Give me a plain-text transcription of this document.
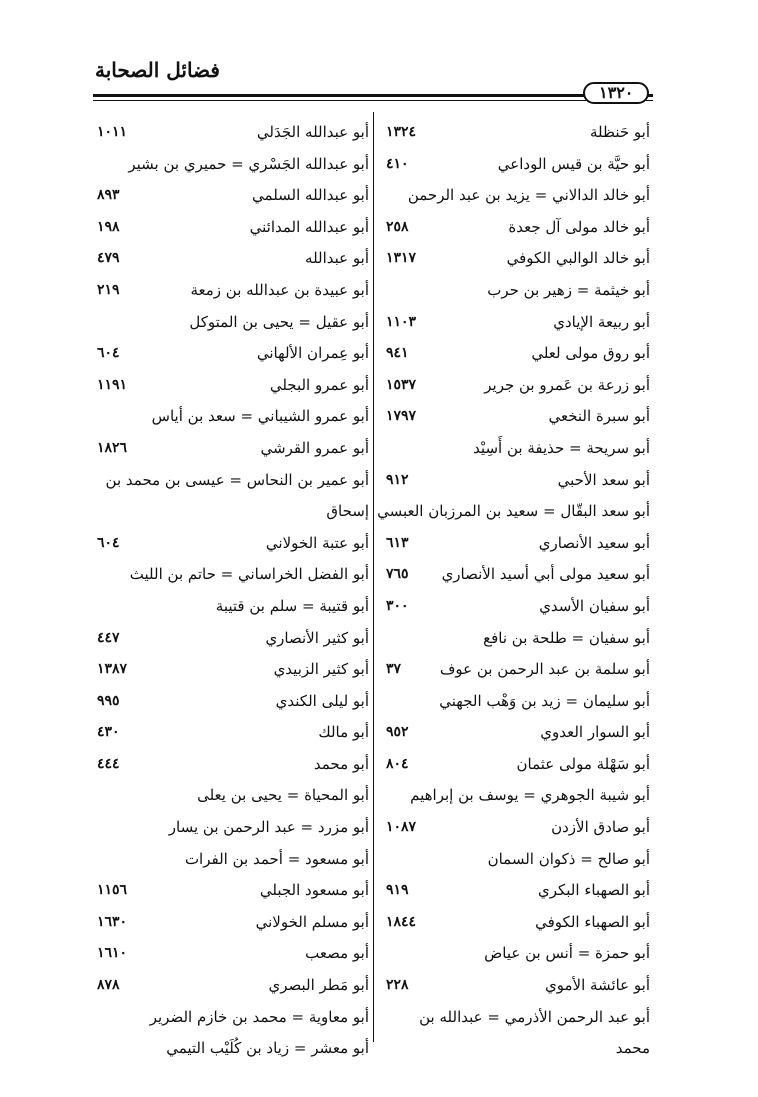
فضائل الصحابة
١٣٢٠
أبو حَنظلة
١٣٢٤
أبو حيَّة بن قيس الوداعي
٤١٠
أبو خالد الدالاني = يزيد بن عبد الرحمن
أبو خالد مولى آل جعدة
٢٥٨
أبو خالد الوالبي الكوفي
١٣١٧
أبو خيثمة = زهير بن حرب
أبو ربيعة الإيادي
١١٠٣
أبو روق مولى لعلي
٩٤١
أبو زرعة بن عَمرو بن جرير
١٥٣٧
أبو سبرة النخعي
١٧٩٧
أبو سريحة = حذيفة بن أَسِيْد
أبو سعد الأحبي
٩١٢
أبو سعد البقّال = سعيد بن المرزبان العبسي
أبو سعيد الأنصاري
٦١٣
أبو سعيد مولى أبي أسيد الأنصاري
٧٦٥
أبو سفيان الأسدي
٣٠٠
أبو سفيان = طلحة بن نافع
أبو سلمة بن عبد الرحمن بن عوف
٣٧
أبو سليمان = زيد بن وَهْب الجهني
أبو السوار العدوي
٩٥٢
أبو سَهْلة مولى عثمان
٨٠٤
أبو شيبة الجوهري = يوسف بن إبراهيم
أبو صادق الأزدن
١٠٨٧
أبو صالح = ذكوان السمان
أبو الصهباء البكري
٩١٩
أبو الصهباء الكوفي
١٨٤٤
أبو حمزة = أنس بن عياض
أبو عائشة الأموي
٢٢٨
أبو عبد الرحمن الأذرمي = عبدالله بن
محمد
أبو عبدالله الجَدَلي
١٠١١
أبو عبدالله الجَسْري = حميري بن بشير
أبو عبدالله السلمي
٨٩٣
أبو عبدالله المدائني
١٩٨
أبو عبدالله
٤٧٩
أبو عبيدة بن عبدالله بن زمعة
٢١٩
أبو عقيل = يحيى بن المتوكل
أبو عِمران الألهاني
٦٠٤
أبو عمرو البجلي
١١٩١
أبو عمرو الشيباني = سعد بن أياس
أبو عمرو القرشي
١٨٢٦
أبو عمير بن النحاس = عيسى بن محمد بن
إسحاق
أبو عتبة الخولاني
٦٠٤
أبو الفضل الخراساني = حاتم بن الليث
أبو قتيبة = سلم بن قتيبة
أبو كثير الأنصاري
٤٤٧
أبو كثير الزبيدي
١٣٨٧
أبو ليلى الكندي
٩٩٥
أبو مالك
٤٣٠
أبو محمد
٤٤٤
أبو المحياة = يحيى بن يعلى
أبو مزرد = عبد الرحمن بن يسار
أبو مسعود = أحمد بن الفرات
أبو مسعود الجبلي
١١٥٦
أبو مسلم الخولاني
١٦٣٠
أبو مصعب
١٦١٠
أبو مَطر البصري
٨٧٨
أبو معاوية = محمد بن خازم الضرير
أبو معشر = زياد بن كُلَيْب التيمي
